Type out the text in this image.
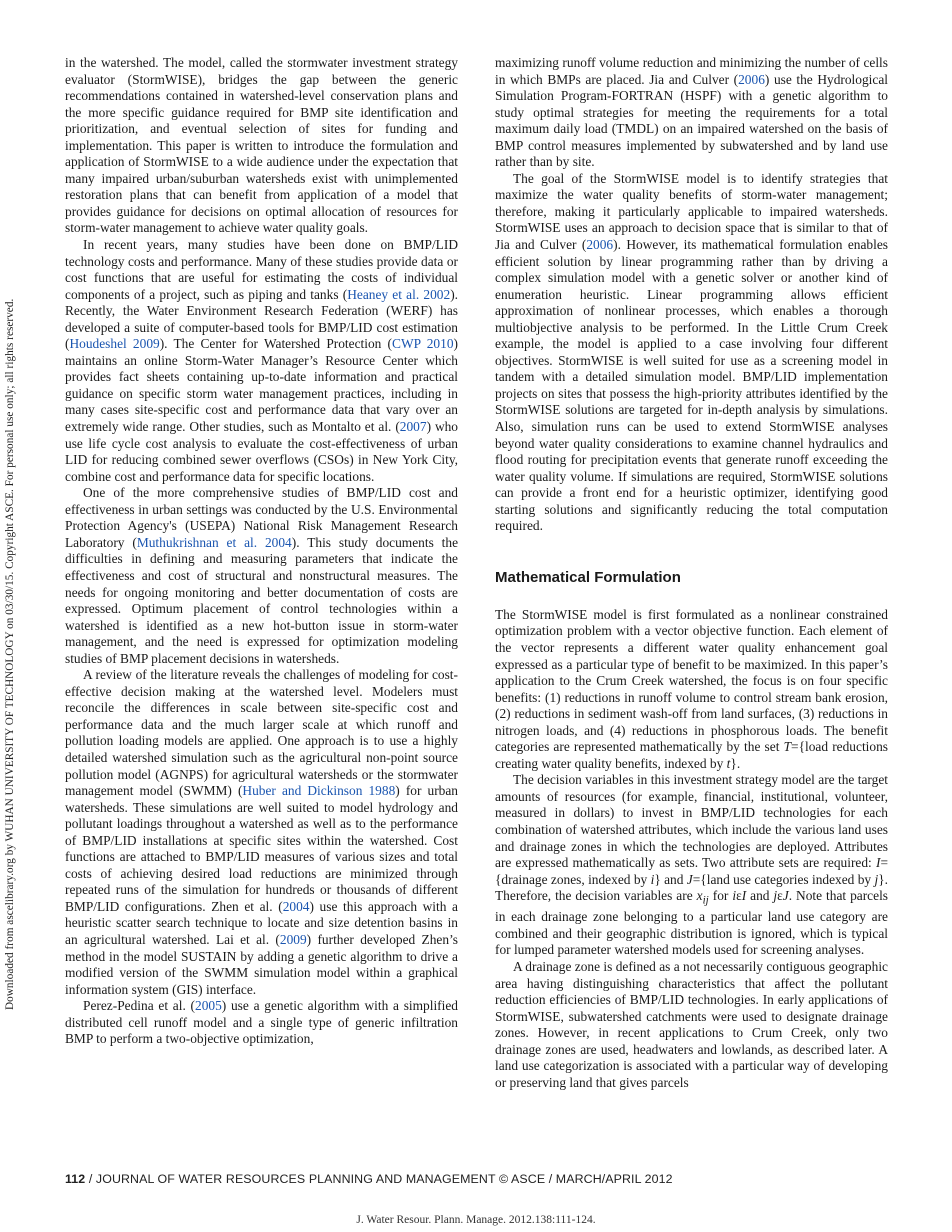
Downloaded from ascelibrary.org by WUHAN UNIVERSITY OF TECHNOLOGY on 03/30/15. Copyright ASCE. For personal use only; all rights reserved.

in the watershed. The model, called the stormwater investment strategy evaluator (StormWISE), bridges the gap between the generic recommendations contained in watershed-level conservation plans and the more specific guidance required for BMP site identification and prioritization, and eventual selection of sites for funding and implementation. This paper is written to introduce the formulation and application of StormWISE to a wide audience under the expectation that many impaired urban/suburban watersheds exist with unimplemented restoration plans that can benefit from application of a model that provides guidance for decisions on optimal allocation of resources for storm-water management to achieve water quality goals.

In recent years, many studies have been done on BMP/LID technology costs and performance. Many of these studies provide data or cost functions that are useful for estimating the costs of individual components of a project, such as piping and tanks (Heaney et al. 2002). Recently, the Water Environment Research Federation (WERF) has developed a suite of computer-based tools for BMP/LID cost estimation (Houdeshel 2009). The Center for Watershed Protection (CWP 2010) maintains an online Storm-Water Manager’s Resource Center which provides fact sheets containing up-to-date information and practical guidance on specific storm water management practices, including in many cases site-specific cost and performance data that vary over an extremely wide range. Other studies, such as Montalto et al. (2007) who use life cycle cost analysis to evaluate the cost-effectiveness of urban LID for reducing combined sewer overflows (CSOs) in New York City, combine cost and performance data for specific locations.

One of the more comprehensive studies of BMP/LID cost and effectiveness in urban settings was conducted by the U.S. Environmental Protection Agency's (USEPA) National Risk Management Research Laboratory (Muthukrishnan et al. 2004). This study documents the difficulties in defining and measuring parameters that indicate the effectiveness and cost of structural and nonstructural measures. The needs for ongoing monitoring and better documentation of costs are expressed. Optimum placement of control technologies within a watershed is identified as a new hot-button issue in storm-water management, and the need is expressed for optimization modeling studies of BMP placement decisions in watersheds.

A review of the literature reveals the challenges of modeling for cost-effective decision making at the watershed level. Modelers must reconcile the differences in scale between site-specific cost and performance data and the much larger scale at which runoff and pollution loading models are applied. One approach is to use a highly detailed watershed simulation such as the agricultural non-point source pollution model (AGNPS) for agricultural watersheds or the stormwater management model (SWMM) (Huber and Dickinson 1988) for urban watersheds. These simulations are well suited to model hydrology and pollutant loadings throughout a watershed as well as to the performance of BMP/LID installations at specific sites within the watershed. Cost functions are attached to BMP/LID measures of various sizes and total costs of achieving desired load reductions are minimized through repeated runs of the simulation for hundreds or thousands of different BMP/LID configurations. Zhen et al. (2004) use this approach with a heuristic scatter search technique to locate and size detention basins in an agricultural watershed. Lai et al. (2009) further developed Zhen’s method in the model SUSTAIN by adding a genetic algorithm to drive a modified version of the SWMM simulation model within a graphical information system (GIS) interface.

Perez-Pedina et al. (2005) use a genetic algorithm with a simplified distributed cell runoff model and a single type of generic infiltration BMP to perform a two-objective optimization,

maximizing runoff volume reduction and minimizing the number of cells in which BMPs are placed. Jia and Culver (2006) use the Hydrological Simulation Program-FORTRAN (HSPF) with a genetic algorithm to study optimal strategies for meeting the requirements for a total maximum daily load (TMDL) on an impaired watershed on the basis of BMP control measures implemented by subwatershed and by land use rather than by site.

The goal of the StormWISE model is to identify strategies that maximize the water quality benefits of storm-water management; therefore, making it particularly applicable to impaired watersheds. StormWISE uses an approach to decision space that is similar to that of Jia and Culver (2006). However, its mathematical formulation enables efficient solution by linear programming rather than by driving a complex simulation model with a genetic solver or another kind of enumeration heuristic. Linear programming allows efficient approximation of nonlinear processes, which enables a thorough multiobjective analysis to be performed. In the Little Crum Creek example, the model is applied to a case involving four different objectives. StormWISE is well suited for use as a screening model in tandem with a detailed simulation model. BMP/LID implementation projects on sites that possess the high-priority attributes identified by the StormWISE solutions are targeted for in-depth analysis by simulations. Also, simulation runs can be used to extend StormWISE analyses beyond water quality considerations to examine channel hydraulics and flood routing for precipitation events that generate runoff exceeding the water quality volume. If simulations are required, StormWISE solutions can provide a front end for a heuristic optimizer, identifying good starting solutions and significantly reducing the total computation required.

Mathematical Formulation

The StormWISE model is first formulated as a nonlinear constrained optimization problem with a vector objective function. Each element of the vector represents a different water quality enhancement goal expressed as a particular type of benefit to be maximized. In this paper’s application to the Crum Creek watershed, the focus is on four specific benefits: (1) reductions in runoff volume to control stream bank erosion, (2) reductions in sediment wash-off from land surfaces, (3) reductions in nitrogen loads, and (4) reductions in phosphorous loads. The benefit categories are represented mathematically by the set T={load reductions creating water quality benefits, indexed by t}.

The decision variables in this investment strategy model are the target amounts of resources (for example, financial, institutional, volunteer, measured in dollars) to invest in BMP/LID technologies for each combination of watershed attributes, which include the various land uses and drainage zones in which the technologies are deployed. Attributes are expressed mathematically as sets. Two attribute sets are required: I={drainage zones, indexed by i} and J={land use categories indexed by j}. Therefore, the decision variables are $x_{ij}$ for iεI and jεJ. Note that parcels in each drainage zone belonging to a particular land use category are combined and their geographic distribution is ignored, which is typical for lumped parameter watershed models used for screening analyses.

A drainage zone is defined as a not necessarily contiguous geographic area having distinguishing characteristics that affect the pollutant reduction efficiencies of BMP/LID technologies. In early applications of StormWISE, subwatershed catchments were used to designate drainage zones. However, in recent applications to Crum Creek, only two drainage zones are used, headwaters and lowlands, as described later. A land use categorization is associated with a particular way of developing or preserving land that gives parcels

112 / JOURNAL OF WATER RESOURCES PLANNING AND MANAGEMENT © ASCE / MARCH/APRIL 2012
J. Water Resour. Plann. Manage. 2012.138:111-124.
